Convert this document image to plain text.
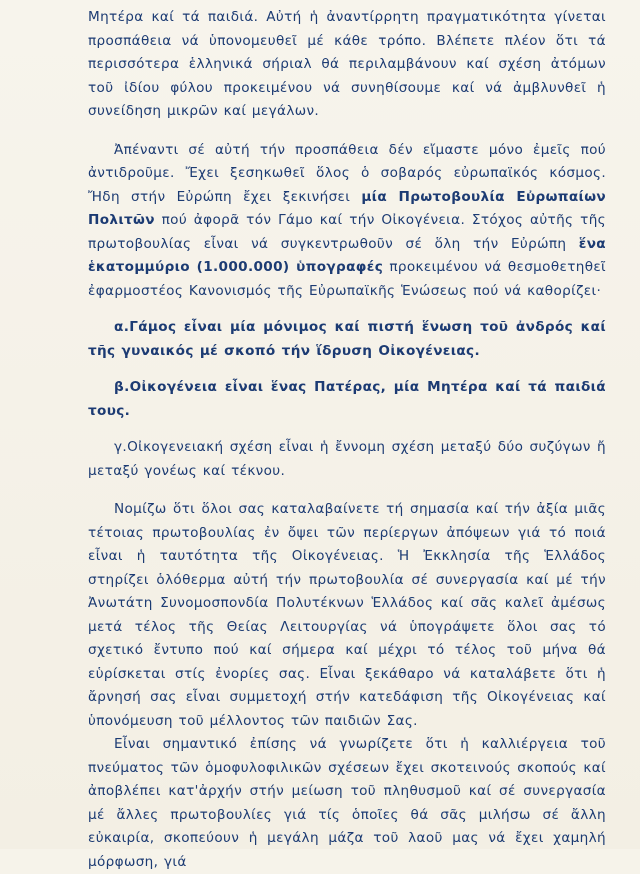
Μητέρα καί τά παιδιά. Αὐτή ἡ ἀναντίρρητη πραγματικότητα γίνεται προσπάθεια νά ὑπονομευθεῖ μέ κάθε τρόπο. Βλέπετε πλέον ὅτι τά περισσότερα ἑλληνικά σήριαλ θά περιλαμβάνουν καί σχέση ἀτόμων τοῦ ἰδίου φύλου προκειμένου νά συνηθίσουμε καί νά ἀμβλυνθεῖ ἡ συνείδηση μικρῶν καί μεγάλων.

Ἀπέναντι σέ αὐτή τήν προσπάθεια δέν εἴμαστε μόνο ἐμεῖς πού ἀντιδροῦμε. Ἔχει ξεσηκωθεῖ ὅλος ὁ σοβαρός εὐρωπαϊκός κόσμος. Ἤδη στήν Εὐρώπη ἔχει ξεκινήσει μία Πρωτοβουλία Εὐρωπαίων Πολιτῶν πού ἀφορᾶ τόν Γάμο καί τήν Οἰκογένεια. Στόχος αὐτῆς τῆς πρωτοβουλίας εἶναι νά συγκεντρωθοῦν σέ ὅλη τήν Εὐρώπη ἕνα ἑκατομμύριο (1.000.000) ὑπογραφές προκειμένου νά θεσμοθετηθεῖ ἐφαρμοστέος Κανονισμός τῆς Εὐρωπαϊκῆς Ἑνώσεως πού νά καθορίζει·

α.Γάμος εἶναι μία μόνιμος καί πιστή ἕνωση τοῦ ἀνδρός καί τῆς γυναικός μέ σκοπό τήν ἵδρυση Οἰκογένειας.

β.Οἰκογένεια εἶναι ἕνας Πατέρας, μία Μητέρα καί τά παιδιά τους.

γ.Οἰκογενειακή σχέση εἶναι ἡ ἔννομη σχέση μεταξύ δύο συζύγων ἤ μεταξύ γονέως καί τέκνου.

Νομίζω ὅτι ὅλοι σας καταλαβαίνετε τή σημασία καί τήν ἀξία μιᾶς τέτοιας πρωτοβουλίας ἐν ὄψει τῶν περίεργων ἀπόψεων γιά τό ποιά εἶναι ἡ ταυτότητα τῆς Οἰκογένειας. Ἡ Ἐκκλησία τῆς Ἑλλάδος στηρίζει ὁλόθερμα αὐτή τήν πρωτοβουλία σέ συνεργασία καί μέ τήν Ἀνωτάτη Συνομοσπονδία Πολυτέκνων Ἑλλάδος καί σᾶς καλεῖ ἀμέσως μετά τέλος τῆς Θείας Λειτουργίας νά ὑπογράψετε ὅλοι σας τό σχετικό ἔντυπο πού καί σήμερα καί μέχρι τό τέλος τοῦ μήνα θά εὑρίσκεται στίς ἐνορίες σας. Εἶναι ξεκάθαρο νά καταλάβετε ὅτι ἡ ἄρνησή σας εἶναι συμμετοχή στήν κατεδάφιση τῆς Οἰκογένειας καί ὑπονόμευση τοῦ μέλλοντος τῶν παιδιῶν Σας.

Εἶναι σημαντικό ἐπίσης νά γνωρίζετε ὅτι ἡ καλλιέργεια τοῦ πνεύματος τῶν ὁμοφυλοφιλικῶν σχέσεων ἔχει σκοτεινούς σκοπούς καί ἀποβλέπει κατ'ἀρχήν στήν μείωση τοῦ πληθυσμοῦ καί σέ συνεργασία μέ ἄλλες πρωτοβουλίες γιά τίς ὁποῖες θά σᾶς μιλήσω σέ ἄλλη εὐκαιρία, σκοπεύουν ἡ μεγάλη μάζα τοῦ λαοῦ μας νά ἔχει χαμηλή μόρφωση, γιά
